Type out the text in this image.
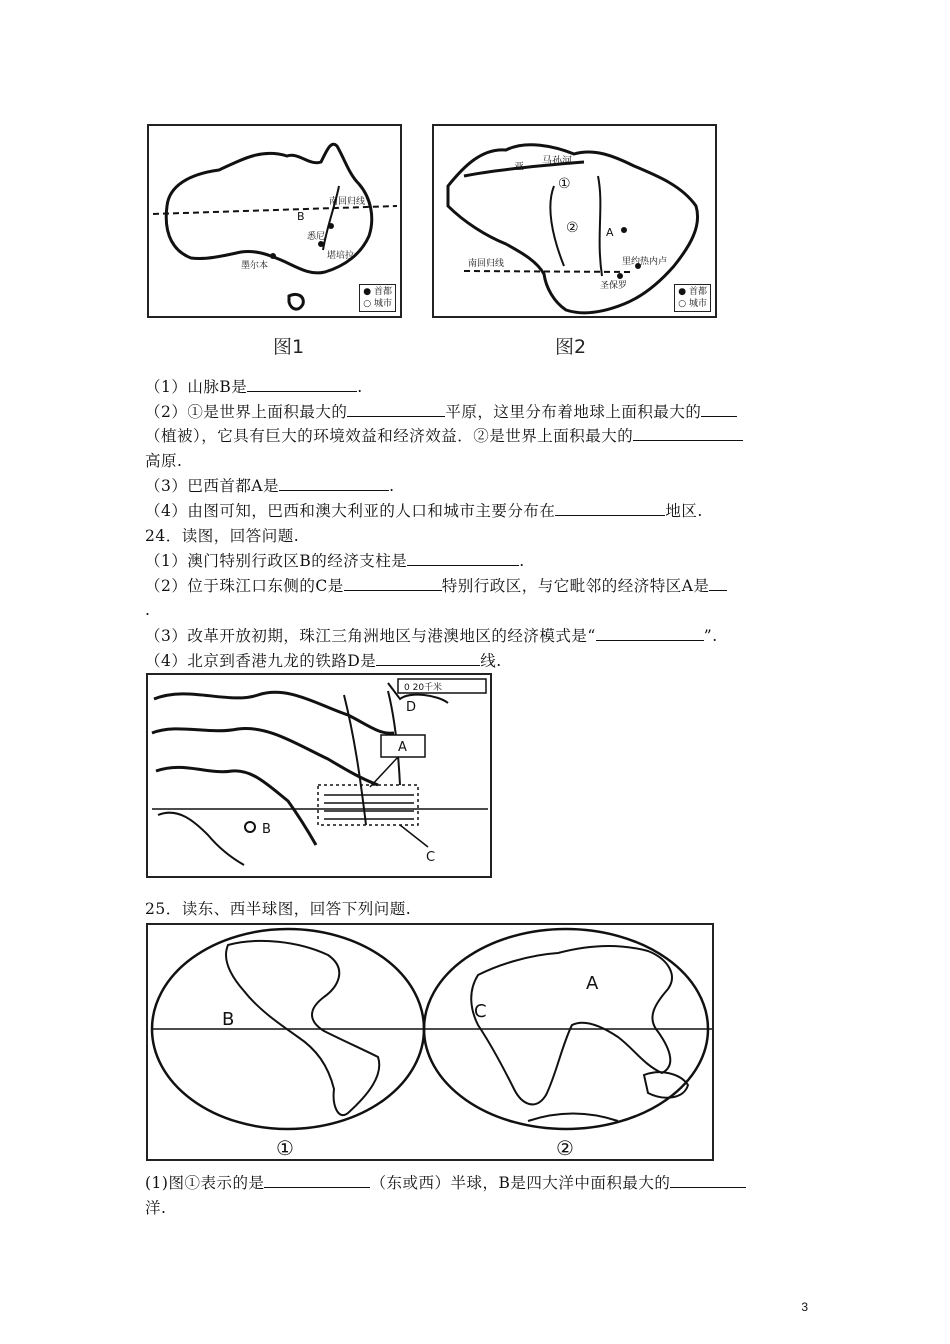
南回归线
B
悉尼
堪培拉
墨尔本
● 首都
○ 城市
图1
亚
马孙河
①
② A
南回归线	里约热内卢
圣保罗
● 首都
○ 城市
图2
（1）山脉B是	.
（2）①是世界上面积最大的	平原，这里分布着地球上面积最大的
（植被），它具有巨大的环境效益和经济效益．②是世界上面积最大的
高原.
（3）巴西首都A是	.
（4）由图可知，巴西和澳大利亚的人口和城市主要分布在	地区.
24．读图，回答问题.
（1）澳门特别行政区B的经济支柱是	.
（2）位于珠江口东侧的C是	特别行政区，与它毗邻的经济特区A是
.
（3）改革开放初期，珠江三角洲地区与港澳地区的经济模式是“	”.
（4）北京到香港九龙的铁路D是	线.
0 20千米
A
B
C
D
25．读东、西半球图，回答下列问题.
B
A
C
①	②
(1)图①表示的是	（东或西）半球，B是四大洋中面积最大的
洋.
3
